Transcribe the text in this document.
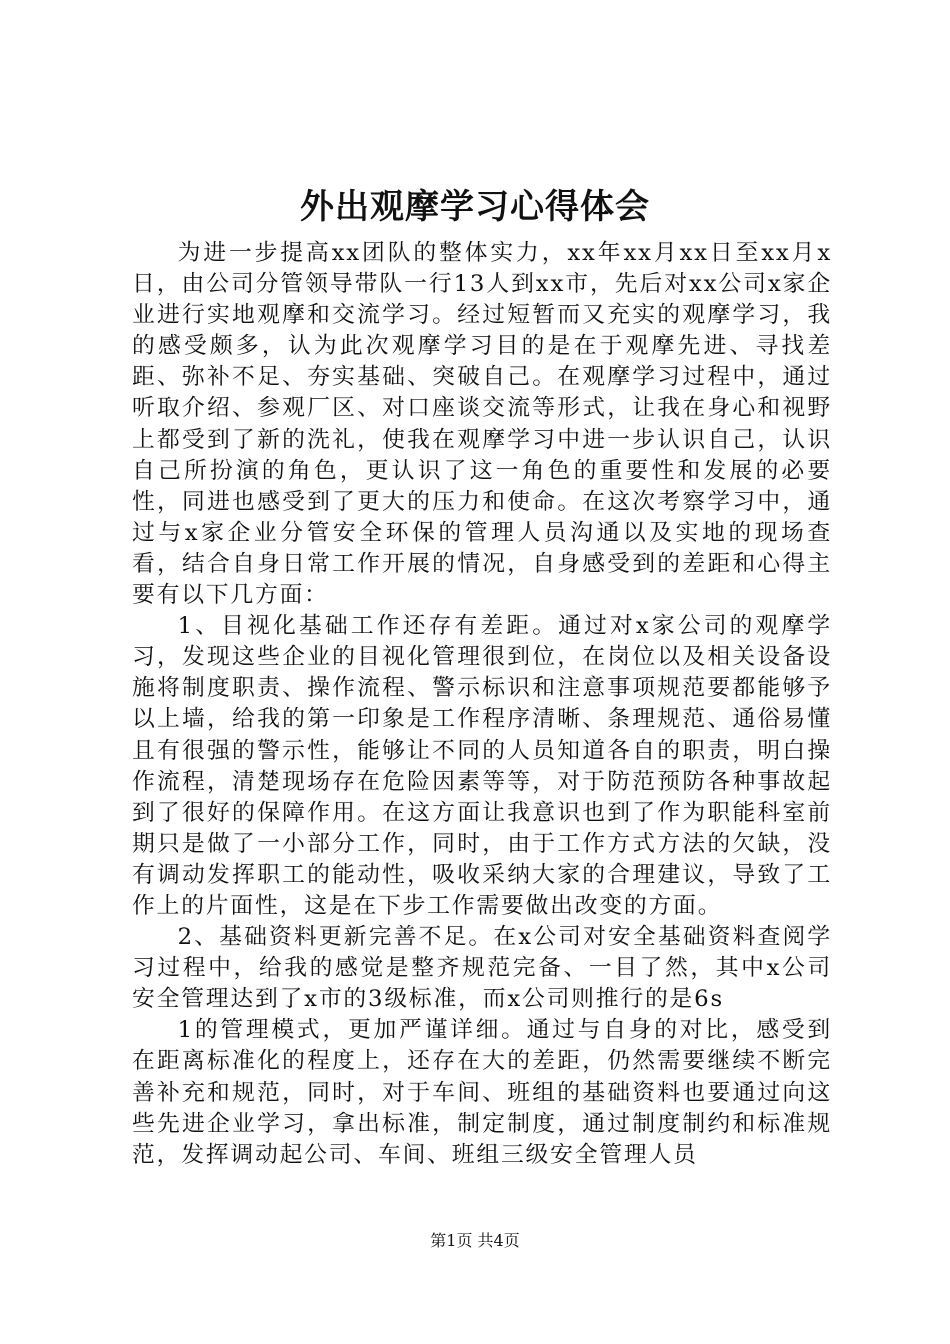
外出观摩学习心得体会

为进一步提高xx团队的整体实力，xx年xx月xx日至xx月x日，由公司分管领导带队一行13人到xx市，先后对xx公司x家企业进行实地观摩和交流学习。经过短暂而又充实的观摩学习，我的感受颇多，认为此次观摩学习目的是在于观摩先进、寻找差距、弥补不足、夯实基础、突破自己。在观摩学习过程中，通过听取介绍、参观厂区、对口座谈交流等形式，让我在身心和视野上都受到了新的洗礼，使我在观摩学习中进一步认识自己，认识自己所扮演的角色，更认识了这一角色的重要性和发展的必要性，同进也感受到了更大的压力和使命。在这次考察学习中，通过与x家企业分管安全环保的管理人员沟通以及实地的现场查看，结合自身日常工作开展的情况，自身感受到的差距和心得主要有以下几方面：

1、目视化基础工作还存有差距。通过对x家公司的观摩学习，发现这些企业的目视化管理很到位，在岗位以及相关设备设施将制度职责、操作流程、警示标识和注意事项规范要都能够予以上墙，给我的第一印象是工作程序清晰、条理规范、通俗易懂且有很强的警示性，能够让不同的人员知道各自的职责，明白操作流程，清楚现场存在危险因素等等，对于防范预防各种事故起到了很好的保障作用。在这方面让我意识也到了作为职能科室前期只是做了一小部分工作，同时，由于工作方式方法的欠缺，没有调动发挥职工的能动性，吸收采纳大家的合理建议，导致了工作上的片面性，这是在下步工作需要做出改变的方面。

2、基础资料更新完善不足。在x公司对安全基础资料查阅学习过程中，给我的感觉是整齐规范完备、一目了然，其中x公司安全管理达到了x市的3级标准，而x公司则推行的是6s

1的管理模式，更加严谨详细。通过与自身的对比，感受到在距离标准化的程度上，还存在大的差距，仍然需要继续不断完善补充和规范，同时，对于车间、班组的基础资料也要通过向这些先进企业学习，拿出标准，制定制度，通过制度制约和标准规范，发挥调动起公司、车间、班组三级安全管理人员

第1页 共4页
